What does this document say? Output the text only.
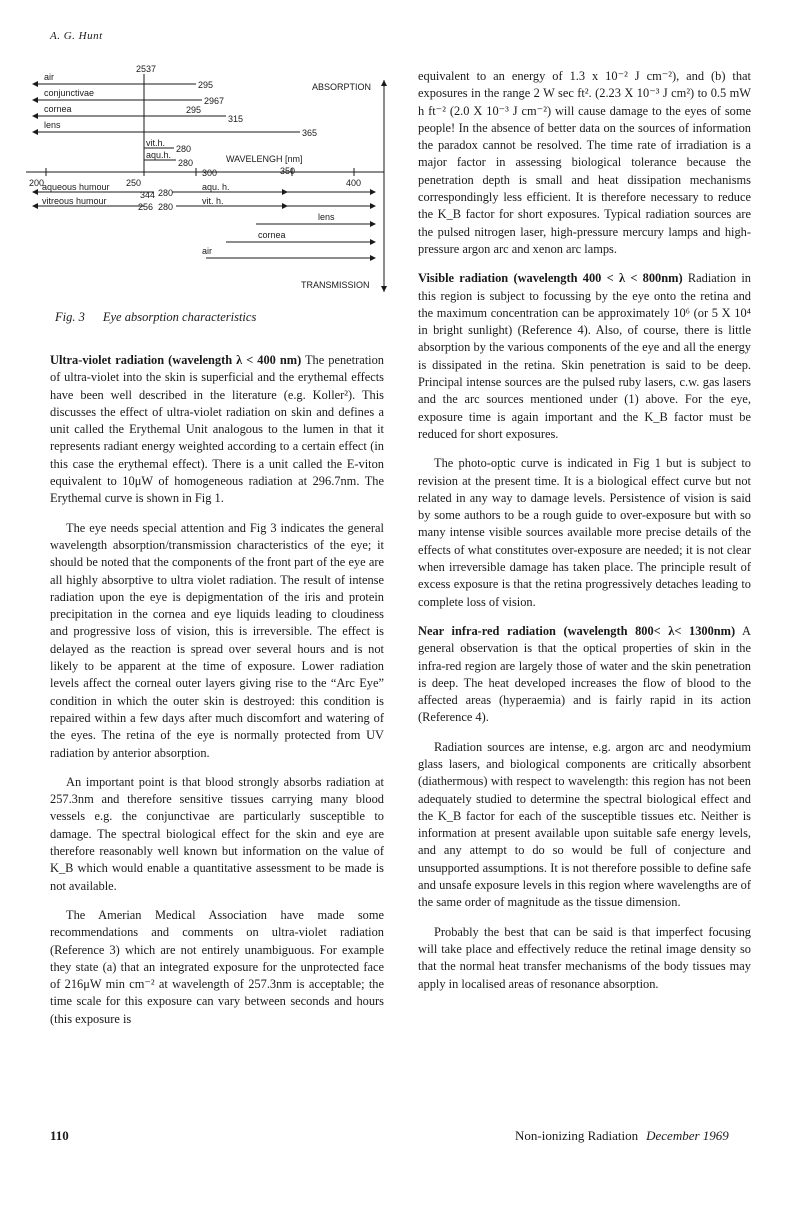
A. G. Hunt
2537
ABSORPTION
TRANSMISSION
WAVELENGH [nm]
air
conjunctivae
cornea
lens
vit.h.
aqu.h.
295
2967
295
315
365
280
280
200	250
300	350
400
aqueous humour
vitreous humour
344 280
256 280
aqu. h.
vit. h.
lens
cornea
air
Fig. 3 Eye absorption characteristics

Ultra-violet radiation (wavelength λ < 400 nm) The penetration of ultra-violet into the skin is superficial and the erythemal effects have been well described in the literature (e.g. Koller²). This discusses the effect of ultra-violet radiation on skin and defines a unit called the Erythemal Unit analogous to the lumen in that it represents radiant energy weighted according to a certain effect (in this case the erythemal effect). There is a unit called the E-viton equivalent to 10μW of homogeneous radiation at 296.7nm. The Erythemal curve is shown in Fig 1.

The eye needs special attention and Fig 3 indicates the general wavelength absorption/transmission characteristics of the eye; it should be noted that the components of the front part of the eye are all highly absorptive to ultra violet radiation. The result of intense radiation upon the eye is depigmentation of the iris and protein precipitation in the cornea and eye liquids leading to cloudiness and progressive loss of vision, this is irreversible. The effect is delayed as the reaction is spread over several hours and is not likely to be apparent at the time of exposure. Lower radiation levels affect the corneal outer layers giving rise to the “Arc Eye” condition in which the outer skin is destroyed: this condition is repaired within a few days after much discomfort and watering of the eyes. The retina of the eye is normally protected from UV radiation by anterior absorption.

An important point is that blood strongly absorbs radiation at 257.3nm and therefore sensitive tissues carrying many blood vessels e.g. the conjunctivae are particularly susceptible to damage. The spectral biological effect for the skin and eye are therefore reasonably well known but information on the value of K_B which would enable a quantitative assessment to be made is not available.

The Amerian Medical Association have made some recommendations and comments on ultra-violet radiation (Reference 3) which are not entirely unambiguous. For example they state (a) that an integrated exposure for the unprotected face of 216μW min cm⁻² at wavelength of 257.3nm is acceptable; the time scale for this exposure can vary between seconds and hours (this exposure is

equivalent to an energy of 1.3 x 10⁻² J cm⁻²), and (b) that exposures in the range 2 W sec ft². (2.23 X 10⁻³ J cm²) to 0.5 mW h ft⁻² (2.0 X 10⁻³ J cm⁻²) will cause damage to the eyes of some people! In the absence of better data on the sources of information the paradox cannot be resolved. The time rate of irradiation is a major factor in assessing biological tolerance because the penetration depth is small and heat dissipation mechanisms correspondingly less efficient. It is therefore necessary to reduce the K_B factor for short exposures. Typical radiation sources are the pulsed nitrogen laser, high-pressure mercury lamps and high-pressure argon arc and xenon arc lamps.

Visible radiation (wavelength 400 < λ < 800nm) Radiation in this region is subject to focussing by the eye onto the retina and the maximum concentration can be approximately 10⁶ (or 5 X 10⁴ in bright sunlight) (Reference 4). Also, of course, there is little absorption by the various components of the eye and all the energy is dissipated in the retina. Skin penetration is said to be deep. Principal intense sources are the pulsed ruby lasers, c.w. gas lasers and the arc sources mentioned under (1) above. For the eye, exposure time is again important and the K_B factor must be reduced for short exposures.

The photo-optic curve is indicated in Fig 1 but is subject to revision at the present time. It is a biological effect curve but not related in any way to damage levels. Persistence of vision is said by some authors to be a rough guide to over-exposure but with so many intense visible sources available more precise details of the effects of what constitutes over-exposure are needed; it is not clear when irreversible damage has taken place. The principle result of excess exposure is that the retina progressively detaches leading to complete loss of vision.

Near infra-red radiation (wavelength 800< λ< 1300nm) A general observation is that the optical properties of skin in the infra-red region are largely those of water and the skin penetration is deep. The heat developed increases the flow of blood to the affected areas (hyperaemia) and is fairly rapid in its action (Reference 4).

Radiation sources are intense, e.g. argon arc and neodymium glass lasers, and biological components are critically absorbent (diathermous) with respect to wavelength: this region has not been adequately studied to determine the spectral biological effect and the K_B factor for each of the susceptible tissues etc. Neither is information at present available upon suitable safe energy levels, and any attempt to do so would be full of conjecture and unsupported assumptions. It is not therefore possible to define safe and unsafe exposure levels in this region where wavelengths are of the same order of magnitude as the tissue dimension.

Probably the best that can be said is that imperfect focusing will take place and effectively reduce the retinal image density so that the normal heat transfer mechanisms of the body tissues may apply in localised areas of resonance absorption.

110	Non-ionizing Radiation December 1969
